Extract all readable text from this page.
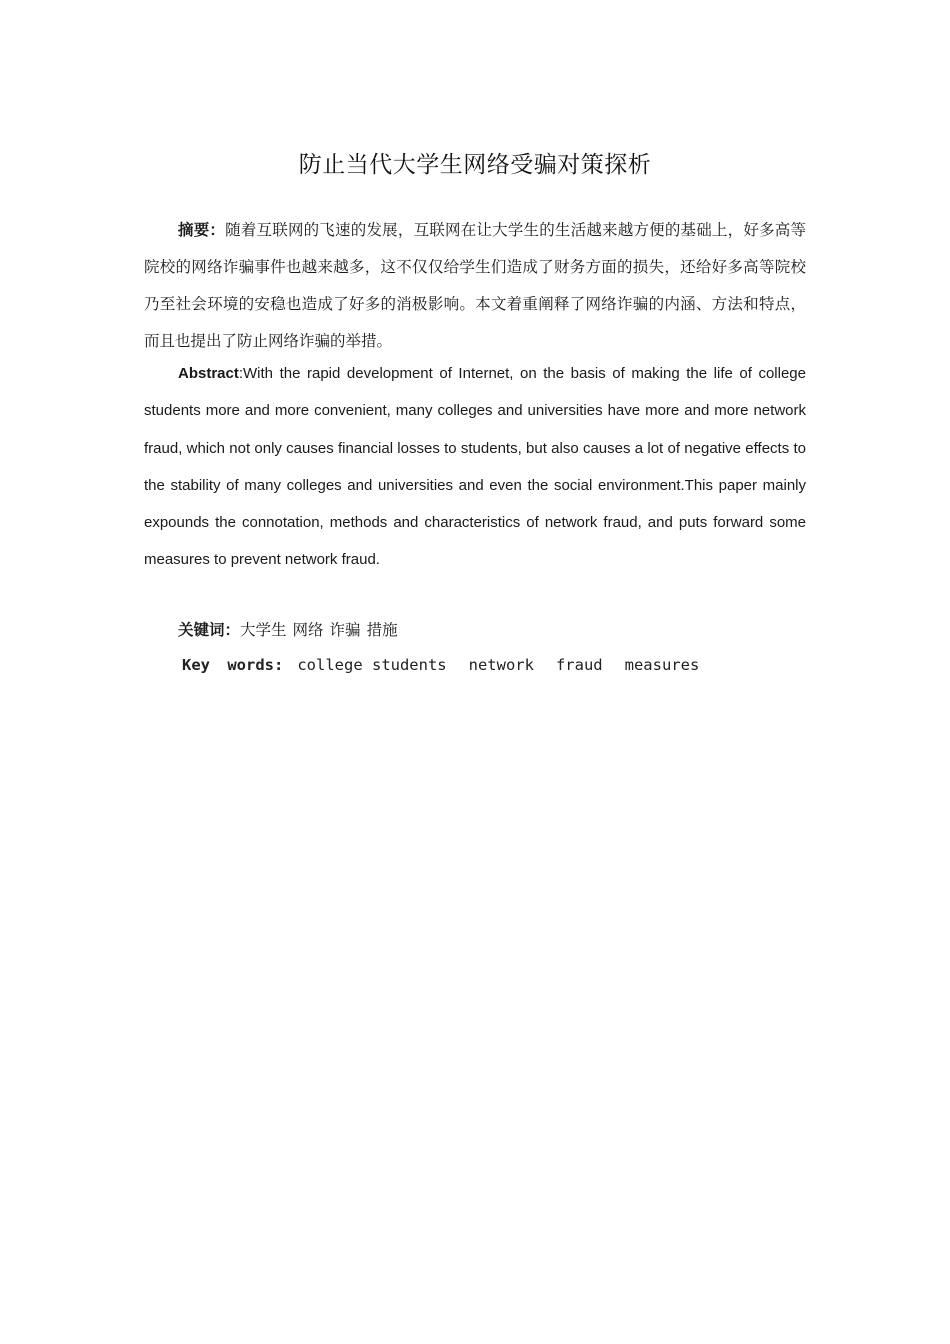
防止当代大学生网络受骗对策探析

摘要：随着互联网的飞速的发展，互联网在让大学生的生活越来越方便的基础上，好多高等院校的网络诈骗事件也越来越多，这不仅仅给学生们造成了财务方面的损失，还给好多高等院校乃至社会环境的安稳也造成了好多的消极影响。本文着重阐释了网络诈骗的内涵、方法和特点，而且也提出了防止网络诈骗的举措。

Abstract:With the rapid development of Internet, on the basis of making the life of college students more and more convenient, many colleges and universities have more and more network fraud, which not only causes financial losses to students, but also causes a lot of negative effects to the stability of many colleges and universities and even the social environment.This paper mainly expounds the connotation, methods and characteristics of network fraud, and puts forward some measures to prevent network fraud.

关键词：大学生 网络 诈骗 措施
Key words: college students network fraud measures
